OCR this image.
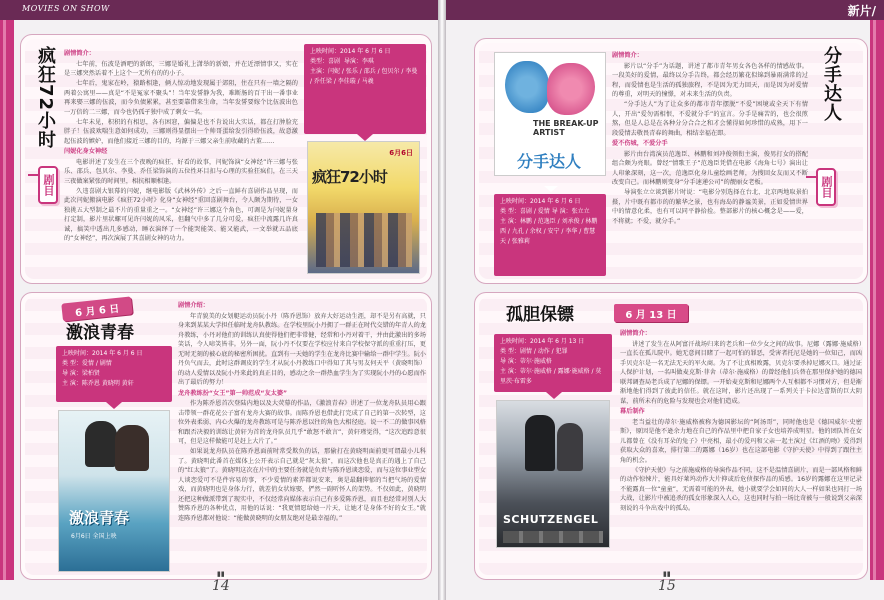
MOVIES ON SHOW
疯狂72小时
剧目
剧情简介：

七年前，伍波是酒吧的新郎，三娜是婚礼上潇举的新娘，并在近漂情事又，实在是三娜突然话着不上这个一无所有的的小子。

七年后，鬼家在岭，猿路相逢，俩人惊动地发现属于郊阻，住在只有一墙之隔的两着公寓里——真是“不是冤家不聚头”！当年发誓静为我，难断肠的百干出一番事业再来娶三娜的伍波，而今负债累累，甚至要靠借来生命，当年发誓要嫁个比伍波出色一万倍的二三娜，而今也仍孤孑独中成了剩女一名。

七年未见，积积的有相思，各有困窘，偏偏是也不肯说出大实话，都在打肿脸充胖子！伍波欢喘生意如何成功，三娜则得显摆出一个帅哥蛋给发引得聆伍波，故意激起伍波的嫉妒，而他们接近三娜的目的，均源于三娜父亲生前收藏的古董……

闫妮化身女神经

电影讲述了发生在三个夜晚的疯狂、好看的故事，闫妮饰演“女神经”许三娜与张乐、邵兵、包贝尔、李曼、乔任梁饰演的五位性环目扣与心理的实验狂疯们，在三天三夜做案紧张的时间里，相抗相顺相逢。

久违喜剧大银幕的闫妮，继电影版《武林外传》之后一直鲜有喜剧作品呈现，而此次闫妮搬演电影《疯狂72小时》化身“女神经”重回喜剧舞台，令人颇为期待，一女独挑五大型制之最不片的重量重之一。“女神经”许三娜这个角色，可调是为闫妮量身打定制，影片里状螺可见许闫妮的风采，但翻气中多了几分可爱，疯狂中流露几许真诚，搞笑中透出几多感动，睡衣演绎了一个能哭能笑、能又能武，一文举就五品底的“女神经”，再次演展了其喜剧女神的功力。

上映时间：2014 年 6 月 6 日
类型：喜剧 导演：李琪
主演：闫妮 / 张乐 / 邵兵 / 包贝尔 / 李曼 / 乔任梁 / 李佳璇 / 马羲
疯狂72小时
6月6日
6 月 6 日
激浪青春
上映时间：2014 年 6 月 6 日
类 型：爱情 / 剧情
导 演：梁柏贤
主 演：陈乔恩 黄晓明 黄轩
激浪青春
6月6日 全国上映
剧情介绍：

年青貌美的女划艇运动员阮小丹（陈乔恩饰）放弃大好运动生涯，却不是另有高就，只身来到某某大学担任临时龙舟队教练。在学校里阮小丹拥了一群正在时代交错的年青人的龙舟教练，小丹对他们的训练认真使得他们把非常健，经常和小丹对着干，并由此激出的多场笑话，令人啼笑皆非。另外一面，阮小丹不仅要在学校应付来自学校保守派的重重打压，更无时无刻的被心底的秘密所困扰。直到有一天她的学生在龙舟比赛中输给一群中学生。阮小丹负气而去，此时这群调皮的学生才从阮小丹教练口中得知了其与男友何天平（黄晓明饰）的动人爱情以及阮小丹来此的真正目的，感动之余一群热血学生为了实现阮小丹的心愿而作出了最后的努力！

龙舟教练扮“女王”第一帅范成“友太婆”

作为陈乔恩首次登陆内地以及大荧幕的作品，《激浪青春》讲述了一位龙舟队员用心跟击带领一群花花公子富有龙舟大赛的故事。而陈乔恩也借此打完成了自己的第一次转型，这位外表柔弱、内心火爆的龙舟教练可是与陈乔恩以往的角色大相径庭。说一不二的做事风格和跟否决毅的训练让黄轩为首的龙舟队员几乎“敢怒不敢言”，黄轩瑾觉得，“这次追踪意很可，但是这样做能可是赶上大片了。”

如果说龙舟队员在陈乔恩面前时常受欺负的话，那偷打在黄晓明面前更可谓最小儿科了。黄晓明此番首在媒体上公开表示自己就是“灰太狼”，而这次他也是真正的遇上了自己的“红太狼”了。黄晓明这次在片中的主要任务就是负责与陈乔恩谈恋爱，而与这位事业型女人谈恋爱可不是件容易的事，不少爱情的素养都说安来，奥是最翻抑郁的当把气场的爱情戏，而黄晓明也是身体力行，就差俏女状嫁娶，俨然一副听怀人的架势。不仅如此，黄晓明还把这种做派带到了现实中，不仅经常向媒体表示自己有多爱陈乔恩，而且也经常对别人大赞陈乔恩的各种优点，用他的话说：“我更情愿给她一片天，让她才是身体不好的女王。”就连陈乔恩都对他说：“能做黄晓明的女朋友绝对是最幸福的。”

▮▮
14
新片/
THE BREAK-UP ARTIST
分手达人
上映时间：2014 年 6 月 6 日
类 型：喜剧 / 爱情 导 演：张立立
主 演：林鹏 / 范逸臣 / 刘承俊 / 林鹏西 / 九孔 / 余权 / 安宁 / 李华 / 曹慧天 / 张雅莉
剧情简介：

影片以“分手”为话题，讲述了都市青年男女各色各样的情感故事。一段美好的爱情，最终以分手告终，都会经历繁花似锦到暴雨满常的过程，而爱情也是生活的孤独旅程，不是因为无力回天，而是因为对爱情的尊重，对明天的憧憬，对未来生活的负责。

“分手达人”为了让众多的都市青年摆脱“不爱”困境或全天下有情人，开出“爱勿需相恨，不爱就分手”的宣言。分手是痛苦的，也会很煎熬，但是人总是在各种分分合合之和才会懂得如何珍惜的成熟，用下一段爱情去敬畏青春的舞曲，相结幸福在即。

爱不伤城，不爱分手

影片由台湾演员范逸臣、林鹏和刘冲俊领衔主演，俊男打女的搭配组合颇为亮眼。曾经“情歌王子”范逸臣凭借在电影《海角七号》演出让人印象深刻，这一次，范逸臣化身儿童绘画老师，为搜回女友而又不断改变自己。而林鹏则变身“分手速递公司”的靓丽女老板。

导演张立立谈到影片时说：“电影分别选择在台北、北京两地取景拍摄，片中既有都市的的繁华之景，也有海岛的静谧美景，正如爱情世界中的情意化柔，也有可以同平静拾捡。整部影片的核心概念是——爱，不将就；不爱，就分手。”

分手达人
剧目
孤胆保镖	6 月 13 日
上映时间：2014 年 6 月 13 日
类 型：剧情 / 动作 / 犯罪
导 演：蒂尔·施威格
主 演：蒂尔·施威格 / 露娜·施威格 / 莫里茨·布雷多
SCHUTZENGEL
剧情简介：

讲述了发生在从阿富汗战场归来的老兵和一位少女之间的故事。尼娜（露娜·施威格）一直长在孤儿院中。她无意间目睹了一起可怕的罪恶，受害者托尼是她的一位知己，而凶手贝克尔是一名无法无天的军火商。为了不让真相败露，贝克尔要杀掉尼娜灭口。通过证人保护计划，一名叫做麦克斯·菲舍（蒂尔·施威格）的曾经他们兵替在那里保护她的德国联邦调查局老兵成了尼娜的保镖。一开始麦克斯和尼娜两个人互相都不习惯对方，但是渐渐地他们得到了彼此的信任。就在这时，影片还出现了一系列关于卡拉达蕾斯的巨大阴谋，前所未有的危险与发现也会对他们造成。

幕后制作

老当益壮的蒂尔·施威格被称为德国影坛的“阿汤哥”，同时他也是《德国威尔·史密斯》，原因是他不逊余力地在自己的作品里中把自家子女也培养成明星。他的团队旨在女儿都曾在《没有耳朵的兔子》中亮相，最小的爱玛和父亲一起主演过《红酒的吻》爱得到获取大众的喜欢，排行第二的露娜（16岁）也在这部电影《守护天使》中得到了跟往主角的机会。

《守护天使》与之前施威格的导演作品不同，这不是温情喜剧片，而是一部风格和鲜的动作惊悚片，能具好莱坞动作大片抑或后危侦探作品的质感。16岁的露娜在这里记录不能露真一位“童童”，无需着可能的外表，她小就要学会如同的大人一样如果也同打一场大战，让影片中被追杀的孤女形象深入人心，这也同时与拍一场比奇被与一般说到父亲深刻说的斗争出戏中的孤岛。

▮▮
15
